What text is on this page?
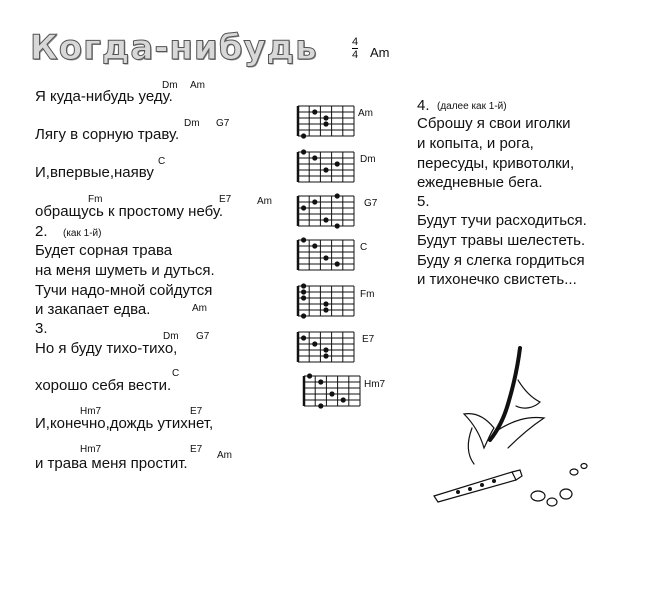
Когда-нибудь	4
4 Am
Dm Am
Dm G7
C
Fm	E7	Am
Am
Dm G7
C
Hm7	E7
Hm7	E7
Am
Я куда-нибудь уеду.
Лягу в сорную траву.
И,впервые,наяву
обращусь к простому небу.
2. (как 1-й)
Будет сорная трава
на меня шуметь и дуться.
Тучи надо-мной сойдутся
и закапает едва.
3.
Но я буду тихо-тихо,
хорошо себя вести.
И,конечно,дождь утихнет,
и трава меня простит.
Am
Dm
G7
C
Fm
E7
Hm7
4. (далее как 1-й)
Сброшу я свои иголки
и копыта, и рога,
пересуды, кривотолки,
ежедневные бега.
5.
Будут тучи расходиться.
Будут травы шелестеть.
Буду я слегка гордиться
и тихонечко свистеть...
